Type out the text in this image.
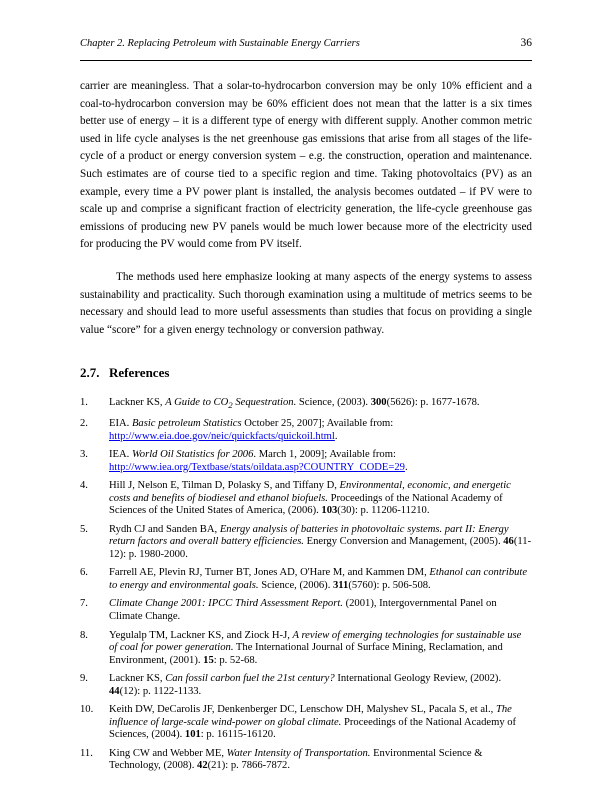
Chapter 2. Replacing Petroleum with Sustainable Energy Carriers	36

carrier are meaningless. That a solar-to-hydrocarbon conversion may be only 10% efficient and a coal-to-hydrocarbon conversion may be 60% efficient does not mean that the latter is a six times better use of energy – it is a different type of energy with different supply. Another common metric used in life cycle analyses is the net greenhouse gas emissions that arise from all stages of the life-cycle of a product or energy conversion system – e.g. the construction, operation and maintenance. Such estimates are of course tied to a specific region and time. Taking photovoltaics (PV) as an example, every time a PV power plant is installed, the analysis becomes outdated – if PV were to scale up and comprise a significant fraction of electricity generation, the life-cycle greenhouse gas emissions of producing new PV panels would be much lower because more of the electricity used for producing the PV would come from PV itself.

The methods used here emphasize looking at many aspects of the energy systems to assess sustainability and practicality. Such thorough examination using a multitude of metrics seems to be necessary and should lead to more useful assessments than studies that focus on providing a single value “score” for a given energy technology or conversion pathway.

2.7. References
1. Lackner KS, A Guide to $CO_2$ Sequestration. Science, (2003). 300(5626): p. 1677-1678.
2. EIA. Basic petroleum Statistics October 25, 2007]; Available from:
http://www.eia.doe.gov/neic/quickfacts/quickoil.html.
3. IEA. World Oil Statistics for 2006. March 1, 2009]; Available from:
http://www.iea.org/Textbase/stats/oildata.asp?COUNTRY_CODE=29.
4. Hill J, Nelson E, Tilman D, Polasky S, and Tiffany D, Environmental, economic, and energetic costs and benefits of biodiesel and ethanol biofuels. Proceedings of the National Academy of Sciences of the United States of America, (2006). 103(30): p. 11206-11210.
5. Rydh CJ and Sanden BA, Energy analysis of batteries in photovoltaic systems. part II: Energy return factors and overall battery efficiencies. Energy Conversion and Management, (2005). 46(11-12): p. 1980-2000.
6. Farrell AE, Plevin RJ, Turner BT, Jones AD, O'Hare M, and Kammen DM, Ethanol can contribute to energy and environmental goals. Science, (2006). 311(5760): p. 506-508.
7. Climate Change 2001: IPCC Third Assessment Report. (2001), Intergovernmental Panel on Climate Change.
8. Yegulalp TM, Lackner KS, and Ziock H-J, A review of emerging technologies for sustainable use of coal for power generation. The International Journal of Surface Mining, Reclamation, and Environment, (2001). 15: p. 52-68.
9. Lackner KS, Can fossil carbon fuel the 21st century? International Geology Review, (2002). 44(12): p. 1122-1133.
10. Keith DW, DeCarolis JF, Denkenberger DC, Lenschow DH, Malyshev SL, Pacala S, et al., The influence of large-scale wind-power on global climate. Proceedings of the National Academy of Sciences, (2004). 101: p. 16115-16120.
11. King CW and Webber ME, Water Intensity of Transportation. Environmental Science & Technology, (2008). 42(21): p. 7866-7872.
